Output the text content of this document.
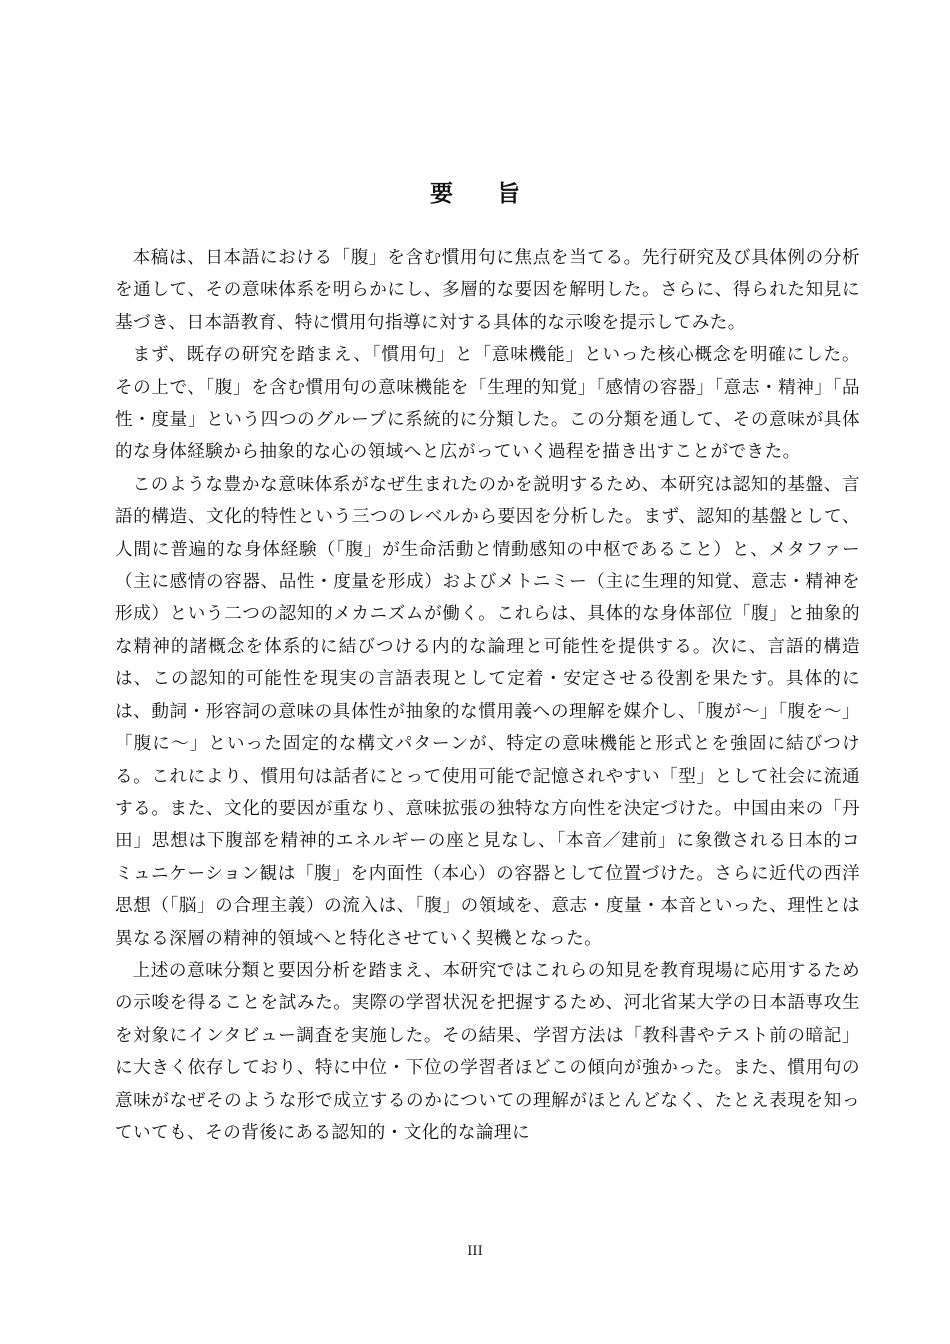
要旨

本稿は、日本語における「腹」を含む慣用句に焦点を当てる。先行研究及び具体例の分析を通して、その意味体系を明らかにし、多層的な要因を解明した。さらに、得られた知見に基づき、日本語教育、特に慣用句指導に対する具体的な示唆を提示してみた。

まず、既存の研究を踏まえ、「慣用句」と「意味機能」といった核心概念を明確にした。その上で、「腹」を含む慣用句の意味機能を「生理的知覚」「感情の容器」「意志・精神」「品性・度量」という四つのグループに系統的に分類した。この分類を通して、その意味が具体的な身体経験から抽象的な心の領域へと広がっていく過程を描き出すことができた。

このような豊かな意味体系がなぜ生まれたのかを説明するため、本研究は認知的基盤、言語的構造、文化的特性という三つのレベルから要因を分析した。まず、認知的基盤として、人間に普遍的な身体経験（「腹」が生命活動と情動感知の中枢であること）と、メタファー（主に感情の容器、品性・度量を形成）およびメトニミー（主に生理的知覚、意志・精神を形成）という二つの認知的メカニズムが働く。これらは、具体的な身体部位「腹」と抽象的な精神的諸概念を体系的に結びつける内的な論理と可能性を提供する。次に、言語的構造は、この認知的可能性を現実の言語表現として定着・安定させる役割を果たす。具体的には、動詞・形容詞の意味の具体性が抽象的な慣用義への理解を媒介し、「腹が～」「腹を～」「腹に～」といった固定的な構文パターンが、特定の意味機能と形式とを強固に結びつける。これにより、慣用句は話者にとって使用可能で記憶されやすい「型」として社会に流通する。また、文化的要因が重なり、意味拡張の独特な方向性を決定づけた。中国由来の「丹田」思想は下腹部を精神的エネルギーの座と見なし、「本音／建前」に象徴される日本的コミュニケーション観は「腹」を内面性（本心）の容器として位置づけた。さらに近代の西洋思想（「脳」の合理主義）の流入は、「腹」の領域を、意志・度量・本音といった、理性とは異なる深層の精神的領域へと特化させていく契機となった。

上述の意味分類と要因分析を踏まえ、本研究ではこれらの知見を教育現場に応用するための示唆を得ることを試みた。実際の学習状況を把握するため、河北省某大学の日本語専攻生を対象にインタビュー調査を実施した。その結果、学習方法は「教科書やテスト前の暗記」に大きく依存しており、特に中位・下位の学習者ほどこの傾向が強かった。また、慣用句の意味がなぜそのような形で成立するのかについての理解がほとんどなく、たとえ表現を知っていても、その背後にある認知的・文化的な論理に

III
